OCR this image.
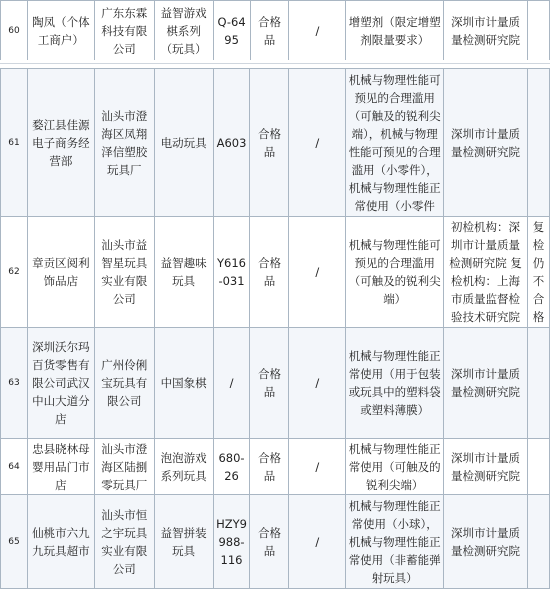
60	陶凤（个体工商户）	广东东霖科技有限公司	益智游戏棋系列（玩具）	Q-6495	合格品	/	增塑剂（限定增塑剂限量要求）	深圳市计量质量检测研究院	
61	婺江县佳源电子商务经营部	汕头市澄海区凤翔泽信塑胶玩具厂	电动玩具	A603	合格品	/	机械与物理性能可预见的合理滥用（可触及的锐利尖端），机械与物理性能可预见的合理滥用（小零件），机械与物理性能正常使用（小零件	深圳市计量质量检测研究院	
62	章贡区阅利饰品店	汕头市益智星玩具实业有限公司	益智趣味玩具	Y616-031	合格品	/	机械与物理性能可预见的合理滥用（可触及的锐利尖端）	初检机构：深圳市计量质量检测研究院 复检机构：上海市质量监督检验技术研究院	复检仍不合格
63	深圳沃尔玛百货零售有限公司武汉中山大道分店	广州伶俐宝玩具有限公司	中国象棋	/	合格品	/	机械与物理性能正常使用（用于包装或玩具中的塑料袋或塑料薄膜）	深圳市计量质量检测研究院	
64	忠县晓林母婴用品门市店	汕头市澄海区陆捌零玩具厂	泡泡游戏系列玩具	680-26	合格品	/	机械与物理性能正常使用（可触及的锐利尖端）	深圳市计量质量检测研究院	
65	仙桃市六九九玩具超市	汕头市恒之宇玩具实业有限公司	益智拼装玩具	HZY9988-116	合格品	/	机械与物理性能正常使用（小球），机械与物理性能正常使用（非蓄能弹射玩具）	深圳市计量质量检测研究院	
